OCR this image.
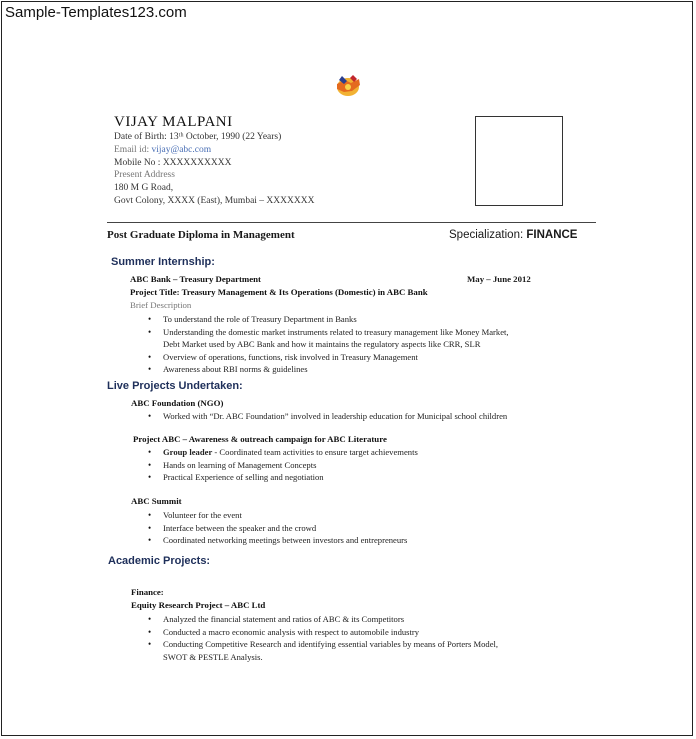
Sample-Templates123.com
VIJAY MALPANI
Date of Birth: 13ᵗʰ October, 1990 (22 Years)
Email id: vijay@abc.com
Mobile No : XXXXXXXXXX
Present Address
180 M G Road,
Govt Colony, XXXX (East), Mumbai – XXXXXXX
Post Graduate Diploma in Management	Specialization: FINANCE
Summer Internship:
ABC Bank – Treasury Department	May – June 2012
Project Title: Treasury Management & Its Operations (Domestic) in ABC Bank
Brief Description
• To understand the role of Treasury Department in Banks
• Understanding the domestic market instruments related to treasury management like Money Market,
Debt Market used by ABC Bank and how it maintains the regulatory aspects like CRR, SLR
• Overview of operations, functions, risk involved in Treasury Management
• Awareness about RBI norms & guidelines
Live Projects Undertaken:
ABC Foundation (NGO)
• Worked with “Dr. ABC Foundation” involved in leadership education for Municipal school children
Project ABC – Awareness & outreach campaign for ABC Literature
• Group leader - Coordinated team activities to ensure target achievements
• Hands on learning of Management Concepts
• Practical Experience of selling and negotiation
ABC Summit
• Volunteer for the event
• Interface between the speaker and the crowd
• Coordinated networking meetings between investors and entrepreneurs
Academic Projects:
Finance:
Equity Research Project – ABC Ltd
• Analyzed the financial statement and ratios of ABC & its Competitors
• Conducted a macro economic analysis with respect to automobile industry
• Conducting Competitive Research and identifying essential variables by means of Porters Model,
SWOT & PESTLE Analysis.
